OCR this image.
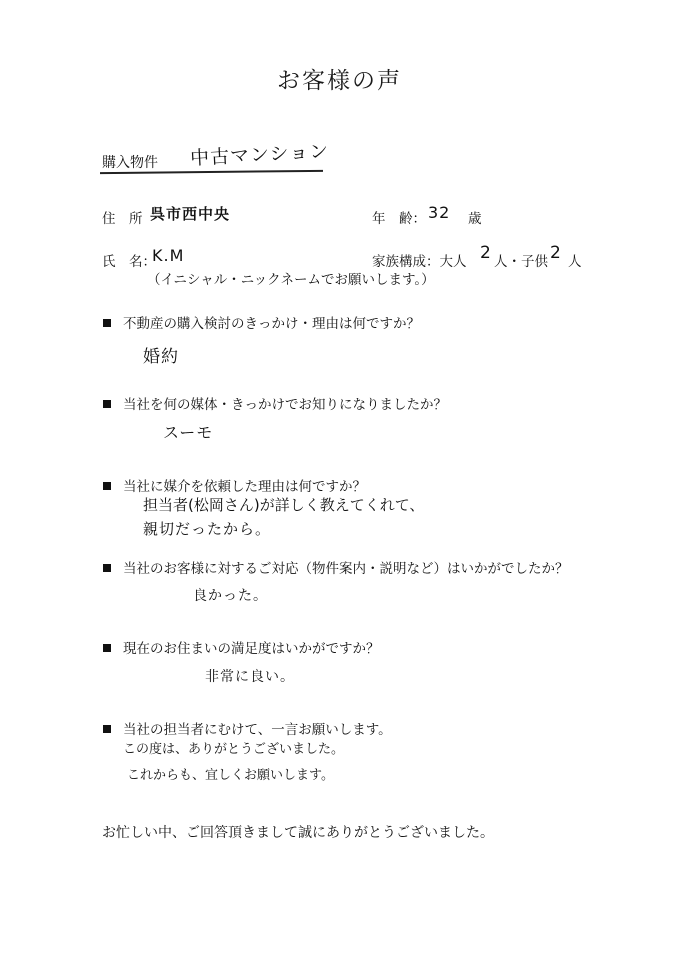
お客様の声
購入物件 中古マンション
住　所 呉市西中央	年　齢： 32 歳
氏　名：
K.M	家族構成：大人 2 人・子供 2 人
（イニシャル・ニックネームでお願いします。）
不動産の購入検討のきっかけ・理由は何ですか？
婚約
当社を何の媒体・きっかけでお知りになりましたか？
スーモ
当社に媒介を依頼した理由は何ですか？
担当者(松岡さん)が詳しく教えてくれて、
親切だったから。
当社のお客様に対するご対応（物件案内・説明など）はいかがでしたか？
良かった。
現在のお住まいの満足度はいかがですか？
非常に良い。
当社の担当者にむけて、一言お願いします。
この度は、ありがとうございました。
これからも、宜しくお願いします。
お忙しい中、ご回答頂きまして誠にありがとうございました。
